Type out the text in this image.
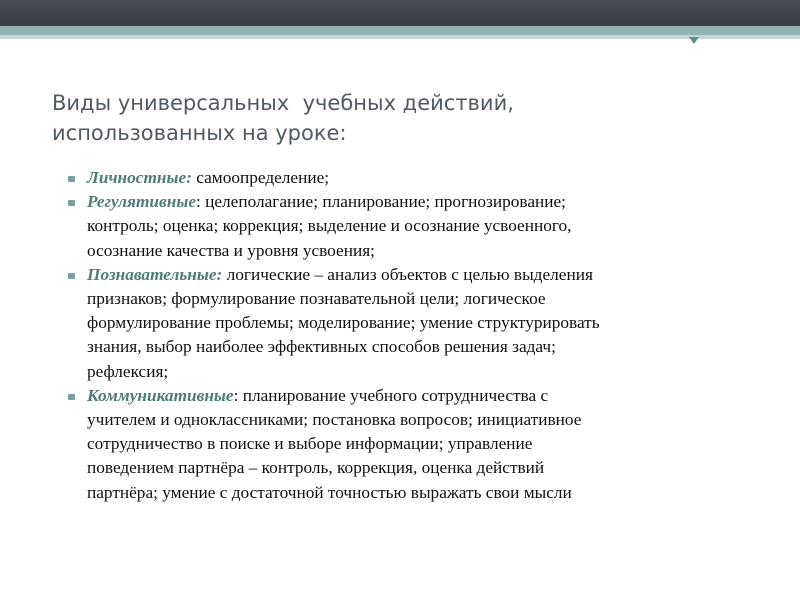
Виды универсальных  учебных действий,
использованных на уроке:
Личностные: самоопределение;
Регулятивные: целеполагание; планирование; прогнозирование;
контроль; оценка; коррекция; выделение и осознание усвоенного,
осознание качества и уровня усвоения;
Познавательные: логические – анализ объектов с целью выделения
признаков; формулирование познавательной цели; логическое
формулирование проблемы; моделирование; умение структурировать
знания, выбор наиболее эффективных способов решения задач;
рефлексия;
Коммуникативные: планирование учебного сотрудничества с
учителем и одноклассниками; постановка вопросов; инициативное
сотрудничество в поиске и выборе информации; управление
поведением партнёра – контроль, коррекция, оценка действий
партнёра; умение с достаточной точностью выражать свои мысли
